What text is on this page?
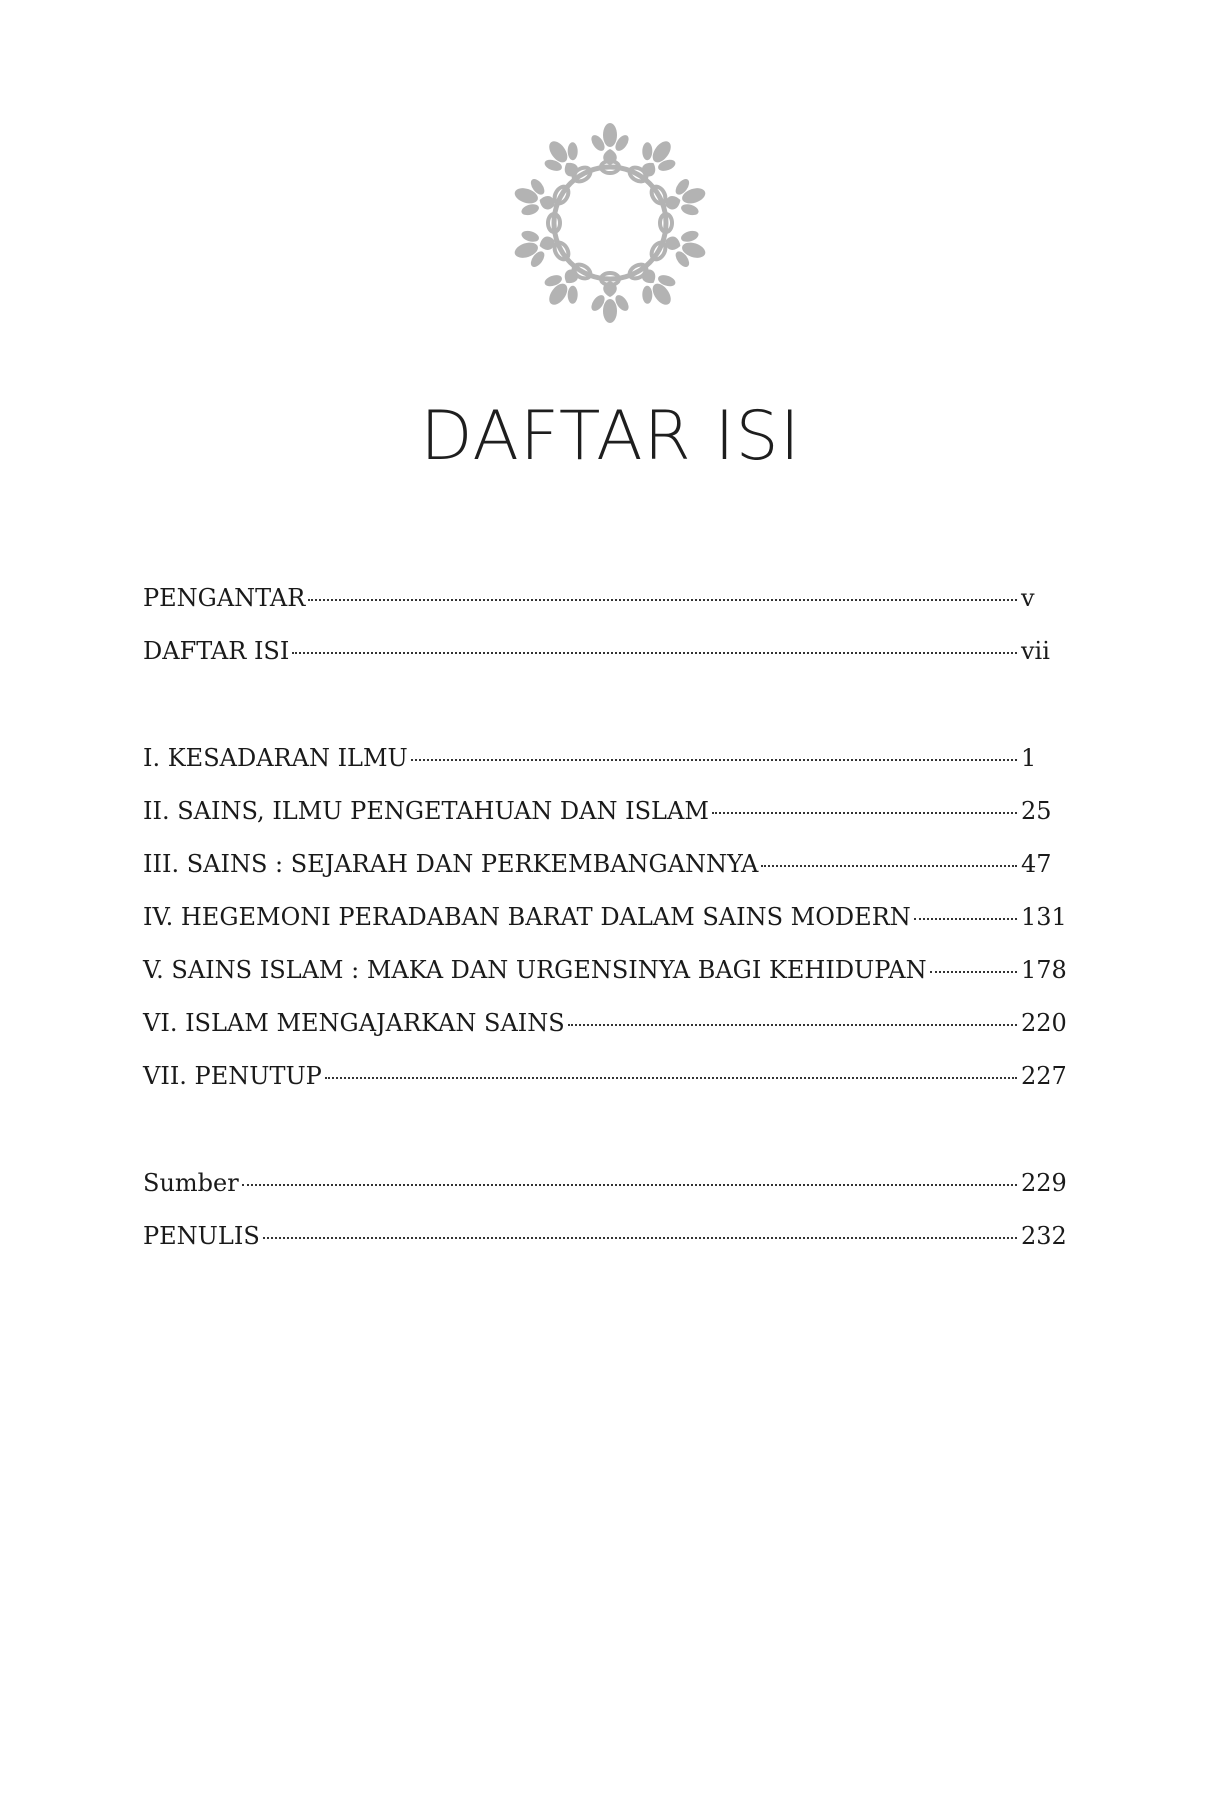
DAFTAR ISI
PENGANTAR	v
DAFTAR ISI	vii
I. KESADARAN ILMU	1
II. SAINS, ILMU PENGETAHUAN DAN ISLAM	25
III. SAINS : SEJARAH DAN PERKEMBANGANNYA	47
IV. HEGEMONI PERADABAN BARAT DALAM SAINS MODERN	131
V. SAINS ISLAM : MAKA DAN URGENSINYA BAGI KEHIDUPAN	178
VI. ISLAM MENGAJARKAN SAINS	220
VII. PENUTUP	227
Sumber	229
PENULIS	232
